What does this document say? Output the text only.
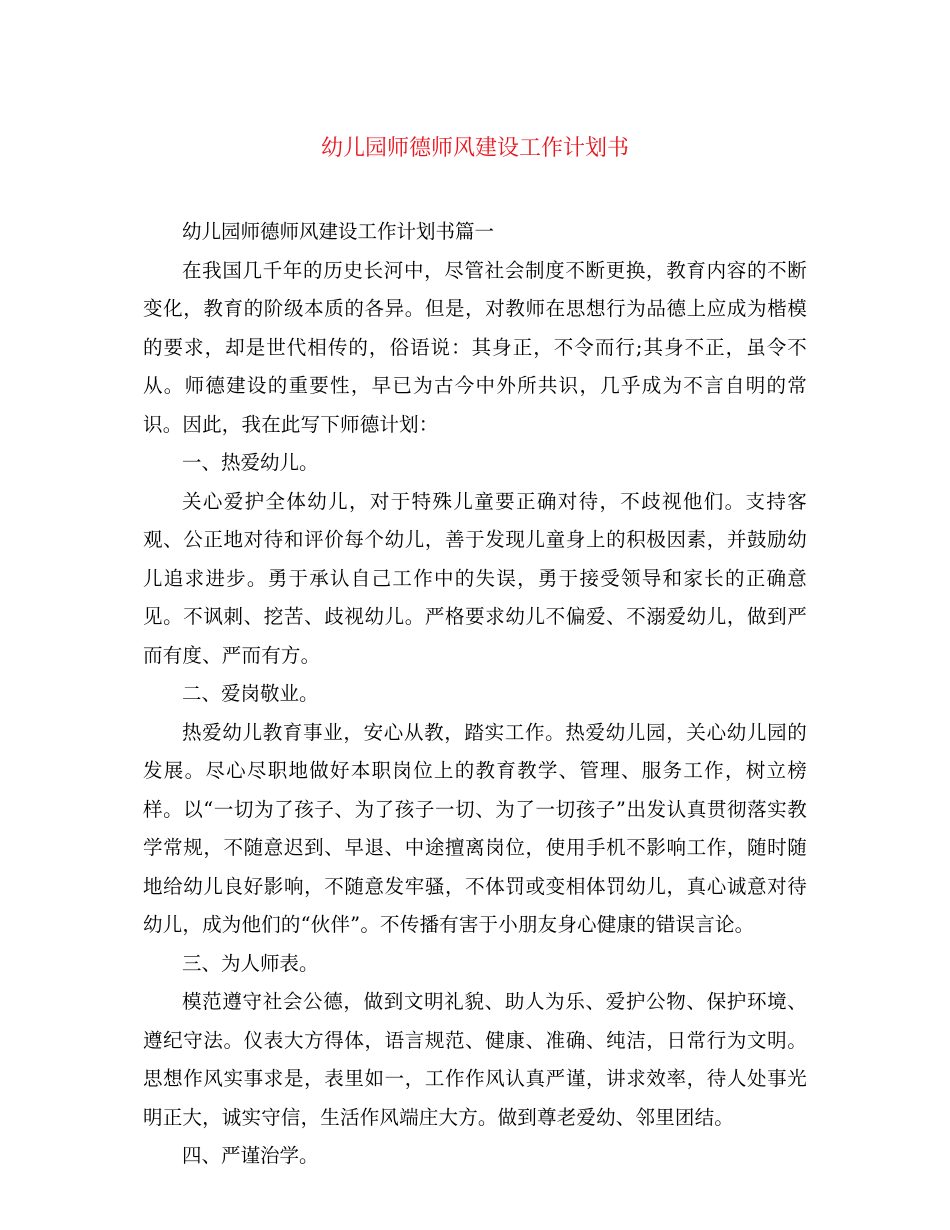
幼儿园师德师风建设工作计划书

幼儿园师德师风建设工作计划书篇一

在我国几千年的历史长河中，尽管社会制度不断更换，教育内容的不断变化，教育的阶级本质的各异。但是，对教师在思想行为品德上应成为楷模的要求，却是世代相传的，俗语说：其身正，不令而行;其身不正，虽令不从。师德建设的重要性，早已为古今中外所共识，几乎成为不言自明的常识。因此，我在此写下师德计划：

一、热爱幼儿。

关心爱护全体幼儿，对于特殊儿童要正确对待，不歧视他们。支持客观、公正地对待和评价每个幼儿，善于发现儿童身上的积极因素，并鼓励幼儿追求进步。勇于承认自己工作中的失误，勇于接受领导和家长的正确意见。不讽刺、挖苦、歧视幼儿。严格要求幼儿不偏爱、不溺爱幼儿，做到严而有度、严而有方。

二、爱岗敬业。

热爱幼儿教育事业，安心从教，踏实工作。热爱幼儿园，关心幼儿园的发展。尽心尽职地做好本职岗位上的教育教学、管理、服务工作，树立榜样。以“一切为了孩子、为了孩子一切、为了一切孩子”出发认真贯彻落实教学常规，不随意迟到、早退、中途擅离岗位，使用手机不影响工作，随时随地给幼儿良好影响，不随意发牢骚，不体罚或变相体罚幼儿，真心诚意对待幼儿，成为他们的“伙伴”。不传播有害于小朋友身心健康的错误言论。

三、为人师表。

模范遵守社会公德，做到文明礼貌、助人为乐、爱护公物、保护环境、遵纪守法。仪表大方得体，语言规范、健康、准确、纯洁，日常行为文明。思想作风实事求是，表里如一，工作作风认真严谨，讲求效率，待人处事光明正大，诚实守信，生活作风端庄大方。做到尊老爱幼、邻里团结。

四、严谨治学。
